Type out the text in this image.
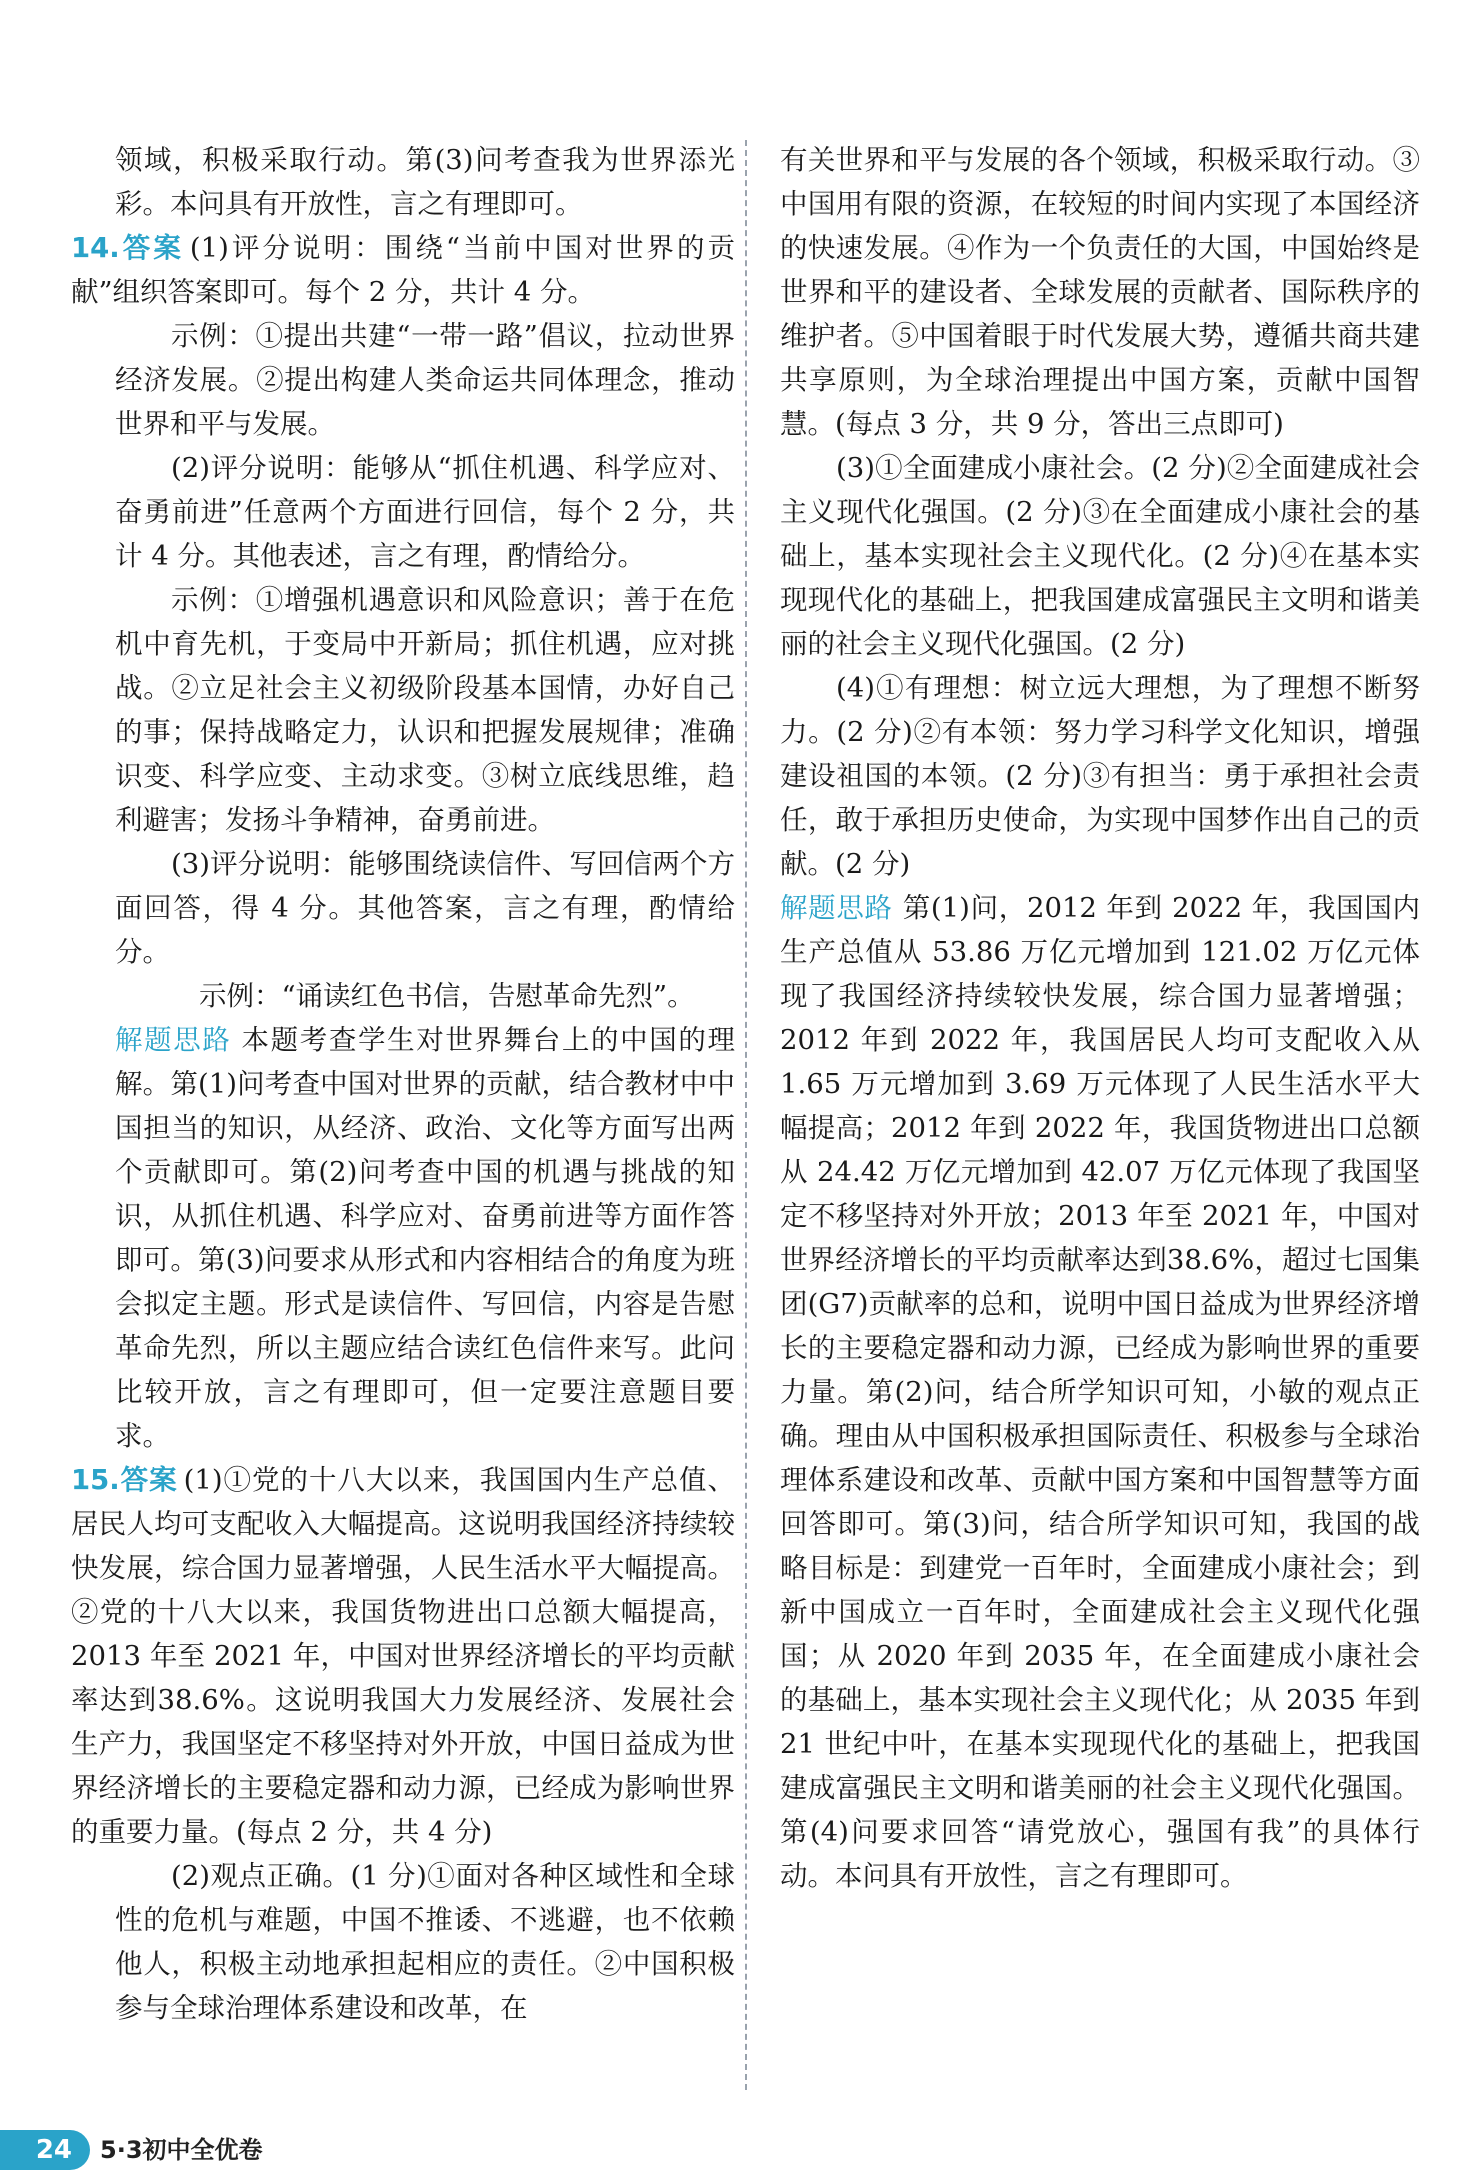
领域，积极采取行动。第(3)问考查我为世界添光彩。本问具有开放性，言之有理即可。

14.答案 (1)评分说明：围绕“当前中国对世界的贡献”组织答案即可。每个 2 分，共计 4 分。

示例：①提出共建“一带一路”倡议，拉动世界经济发展。②提出构建人类命运共同体理念，推动世界和平与发展。

(2)评分说明：能够从“抓住机遇、科学应对、奋勇前进”任意两个方面进行回信，每个 2 分，共计 4 分。其他表述，言之有理，酌情给分。

示例：①增强机遇意识和风险意识；善于在危机中育先机，于变局中开新局；抓住机遇，应对挑战。②立足社会主义初级阶段基本国情，办好自己的事；保持战略定力，认识和把握发展规律；准确识变、科学应变、主动求变。③树立底线思维，趋利避害；发扬斗争精神，奋勇前进。

(3)评分说明：能够围绕读信件、写回信两个方面回答，得 4 分。其他答案，言之有理，酌情给分。

示例：“诵读红色书信，告慰革命先烈”。

解题思路 本题考查学生对世界舞台上的中国的理解。第(1)问考查中国对世界的贡献，结合教材中中国担当的知识，从经济、政治、文化等方面写出两个贡献即可。第(2)问考查中国的机遇与挑战的知识，从抓住机遇、科学应对、奋勇前进等方面作答即可。第(3)问要求从形式和内容相结合的角度为班会拟定主题。形式是读信件、写回信，内容是告慰革命先烈，所以主题应结合读红色信件来写。此问比较开放，言之有理即可，但一定要注意题目要求。

15.答案 (1)①党的十八大以来，我国国内生产总值、居民人均可支配收入大幅提高。这说明我国经济持续较快发展，综合国力显著增强，人民生活水平大幅提高。②党的十八大以来，我国货物进出口总额大幅提高，2013 年至 2021 年，中国对世界经济增长的平均贡献率达到38.6%。这说明我国大力发展经济、发展社会生产力，我国坚定不移坚持对外开放，中国日益成为世界经济增长的主要稳定器和动力源，已经成为影响世界的重要力量。(每点 2 分，共 4 分)

(2)观点正确。(1 分)①面对各种区域性和全球性的危机与难题，中国不推诿、不逃避，也不依赖他人，积极主动地承担起相应的责任。②中国积极参与全球治理体系建设和改革，在

有关世界和平与发展的各个领域，积极采取行动。③中国用有限的资源，在较短的时间内实现了本国经济的快速发展。④作为一个负责任的大国，中国始终是世界和平的建设者、全球发展的贡献者、国际秩序的维护者。⑤中国着眼于时代发展大势，遵循共商共建共享原则，为全球治理提出中国方案，贡献中国智慧。(每点 3 分，共 9 分，答出三点即可)

(3)①全面建成小康社会。(2 分)②全面建成社会主义现代化强国。(2 分)③在全面建成小康社会的基础上，基本实现社会主义现代化。(2 分)④在基本实现现代化的基础上，把我国建成富强民主文明和谐美丽的社会主义现代化强国。(2 分)

(4)①有理想：树立远大理想，为了理想不断努力。(2 分)②有本领：努力学习科学文化知识，增强建设祖国的本领。(2 分)③有担当：勇于承担社会责任，敢于承担历史使命，为实现中国梦作出自己的贡献。(2 分)

解题思路 第(1)问，2012 年到 2022 年，我国国内生产总值从 53.86 万亿元增加到 121.02 万亿元体现了我国经济持续较快发展，综合国力显著增强；2012 年到 2022 年，我国居民人均可支配收入从 1.65 万元增加到 3.69 万元体现了人民生活水平大幅提高；2012 年到 2022 年，我国货物进出口总额从 24.42 万亿元增加到 42.07 万亿元体现了我国坚定不移坚持对外开放；2013 年至 2021 年，中国对世界经济增长的平均贡献率达到38.6%，超过七国集团(G7)贡献率的总和，说明中国日益成为世界经济增长的主要稳定器和动力源，已经成为影响世界的重要力量。第(2)问，结合所学知识可知，小敏的观点正确。理由从中国积极承担国际责任、积极参与全球治理体系建设和改革、贡献中国方案和中国智慧等方面回答即可。第(3)问，结合所学知识可知，我国的战略目标是：到建党一百年时，全面建成小康社会；到新中国成立一百年时，全面建成社会主义现代化强国；从 2020 年到 2035 年，在全面建成小康社会的基础上，基本实现社会主义现代化；从 2035 年到 21 世纪中叶，在基本实现现代化的基础上，把我国建成富强民主文明和谐美丽的社会主义现代化强国。第(4)问要求回答“请党放心，强国有我”的具体行动。本问具有开放性，言之有理即可。

24	5·3初中全优卷
